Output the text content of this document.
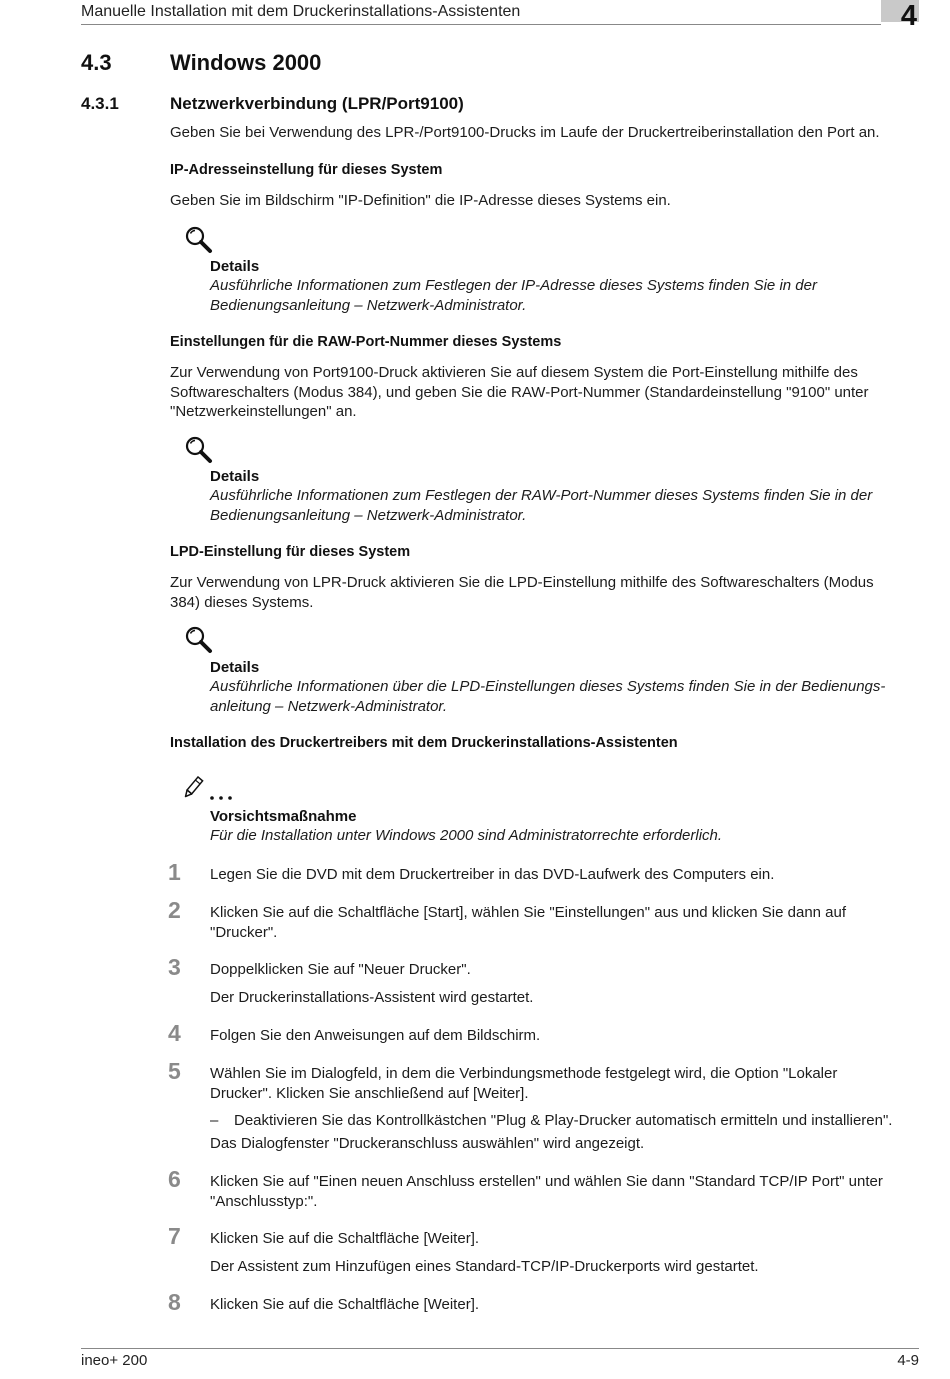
Manuelle Installation mit dem Druckerinstallations-Assistenten	4
4.3	Windows 2000
4.3.1	Netzwerkverbindung (LPR/Port9100)
Geben Sie bei Verwendung des LPR-/Port9100-Drucks im Laufe der Druckertreiberinstallation den Port an.
IP-Adresseinstellung für dieses System
Geben Sie im Bildschirm "IP-Definition" die IP-Adresse dieses Systems ein.
Details
Ausführliche Informationen zum Festlegen der IP-Adresse dieses Systems finden Sie in der
Bedienungsanleitung – Netzwerk-Administrator.
Einstellungen für die RAW-Port-Nummer dieses Systems
Zur Verwendung von Port9100-Druck aktivieren Sie auf diesem System die Port-Einstellung mithilfe des
Softwareschalters (Modus 384), und geben Sie die RAW-Port-Nummer (Standardeinstellung "9100" unter
"Netzwerkeinstellungen" an.
Details
Ausführliche Informationen zum Festlegen der RAW-Port-Nummer dieses Systems finden Sie in der
Bedienungsanleitung – Netzwerk-Administrator.
LPD-Einstellung für dieses System
Zur Verwendung von LPR-Druck aktivieren Sie die LPD-Einstellung mithilfe des Softwareschalters (Modus
384) dieses Systems.
Details
Ausführliche Informationen über die LPD-Einstellungen dieses Systems finden Sie in der Bedienungs-
anleitung – Netzwerk-Administrator.
Installation des Druckertreibers mit dem Druckerinstallations-Assistenten
Vorsichtsmaßnahme
Für die Installation unter Windows 2000 sind Administratorrechte erforderlich.
1	Legen Sie die DVD mit dem Druckertreiber in das DVD-Laufwerk des Computers ein.
2	Klicken Sie auf die Schaltfläche [Start], wählen Sie "Einstellungen" aus und klicken Sie dann auf
"Drucker".
3	Doppelklicken Sie auf "Neuer Drucker".
Der Druckerinstallations-Assistent wird gestartet.
4	Folgen Sie den Anweisungen auf dem Bildschirm.
5	Wählen Sie im Dialogfeld, in dem die Verbindungsmethode festgelegt wird, die Option "Lokaler
Drucker". Klicken Sie anschließend auf [Weiter].
– Deaktivieren Sie das Kontrollkästchen "Plug & Play-Drucker automatisch ermitteln und installieren".
Das Dialogfenster "Druckeranschluss auswählen" wird angezeigt.
6	Klicken Sie auf "Einen neuen Anschluss erstellen" und wählen Sie dann "Standard TCP/IP Port" unter
"Anschlusstyp:".
7	Klicken Sie auf die Schaltfläche [Weiter].
Der Assistent zum Hinzufügen eines Standard-TCP/IP-Druckerports wird gestartet.
8	Klicken Sie auf die Schaltfläche [Weiter].
ineo+ 200	4-9
